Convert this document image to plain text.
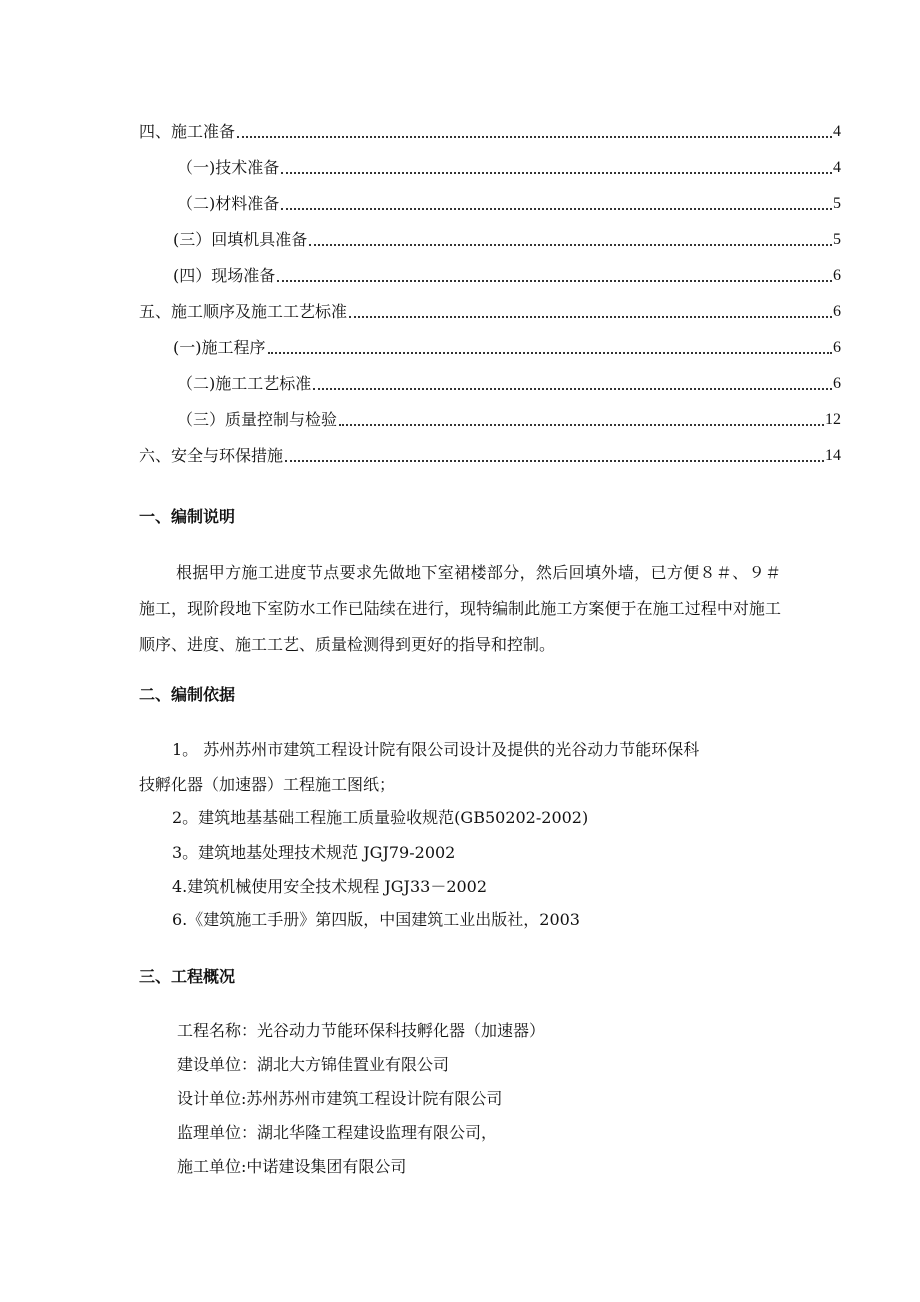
四、施工准备	4
（一)技术准备	4
（二)材料准备	5
(三）回填机具准备	5
(四）现场准备	6
五、施工顺序及施工工艺标准	6
(一)施工程序	6
（二)施工工艺标准	6
（三）质量控制与检验	12
六、安全与环保措施	14
一、编制说明

根据甲方施工进度节点要求先做地下室裙楼部分，然后回填外墙，已方便８＃、９＃施工，现阶段地下室防水工作已陆续在进行，现特编制此施工方案便于在施工过程中对施工顺序、进度、施工工艺、质量检测得到更好的指导和控制。

二、编制依据
1。 苏州苏州市建筑工程设计院有限公司设计及提供的光谷动力节能环保科
技孵化器（加速器）工程施工图纸；
2。建筑地基基础工程施工质量验收规范(GB50202-2002)
3。建筑地基处理技术规范 JGJ79-2002
4.建筑机械使用安全技术规程 JGJ33－2002
6.《建筑施工手册》第四版，中国建筑工业出版社，2003
三、工程概况
工程名称：光谷动力节能环保科技孵化器（加速器）
建设单位：湖北大方锦佳置业有限公司
设计单位:苏州苏州市建筑工程设计院有限公司
监理单位：湖北华隆工程建设监理有限公司，
施工单位:中诺建设集团有限公司
